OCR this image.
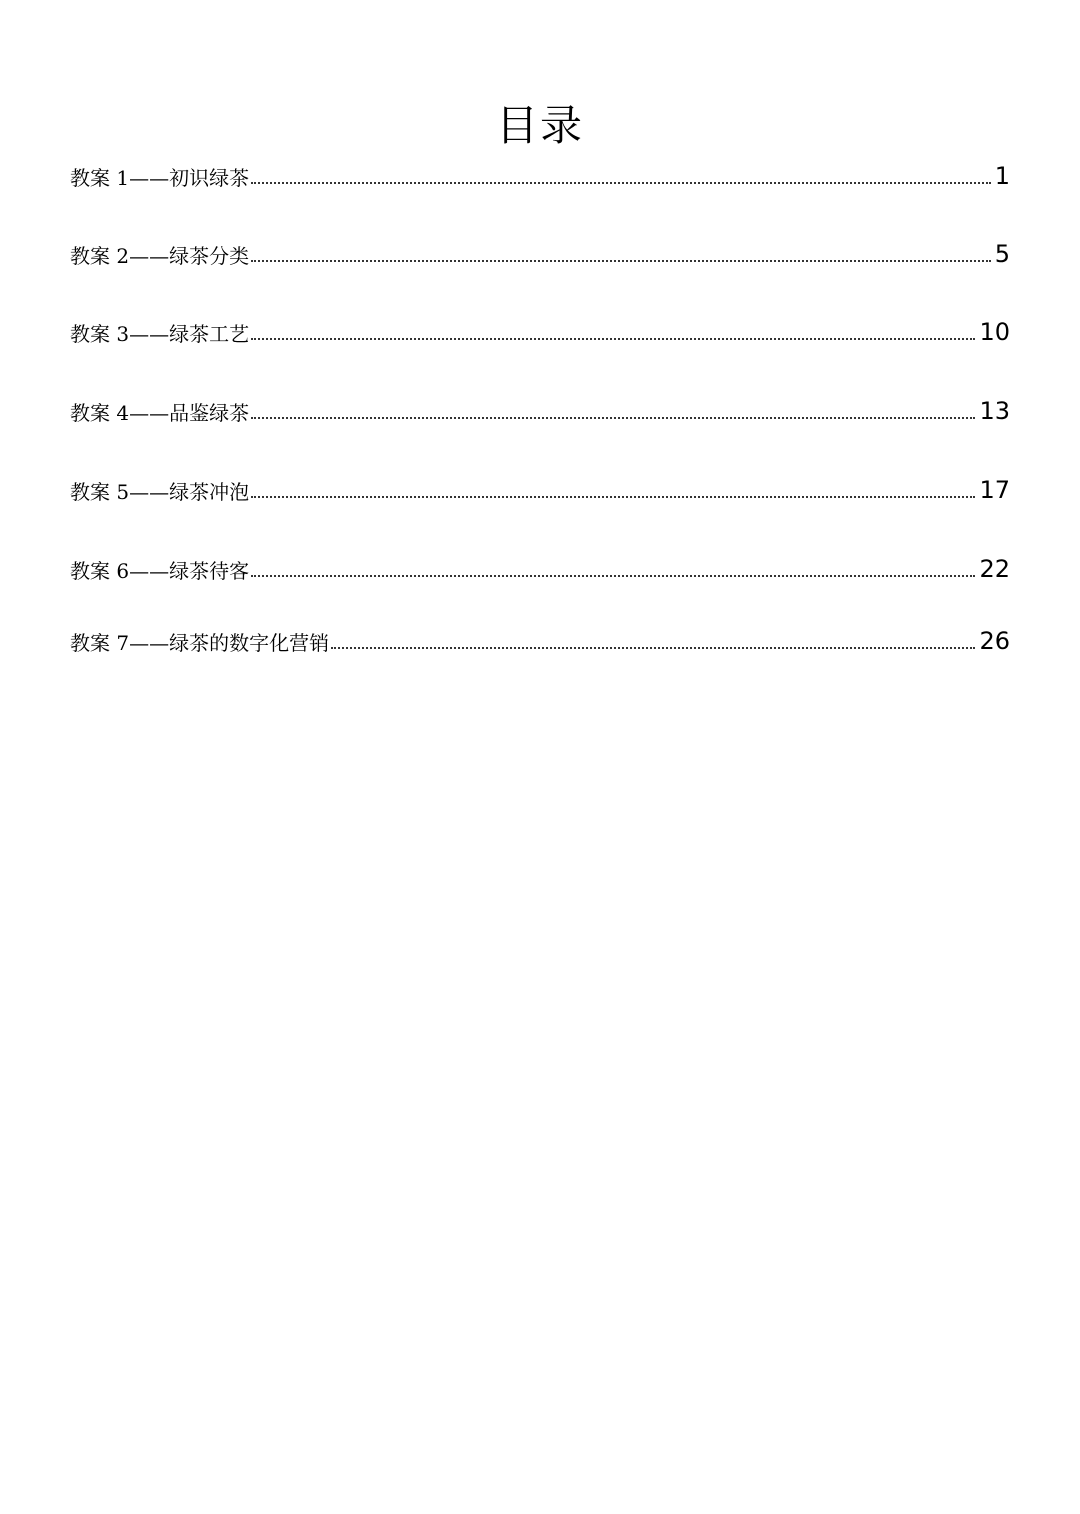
目录
教案 1——初识绿茶	1
教案 2——绿茶分类	5
教案 3——绿茶工艺	10
教案 4——品鉴绿茶	13
教案 5——绿茶冲泡	17
教案 6——绿茶待客	22
教案 7——绿茶的数字化营销	26
